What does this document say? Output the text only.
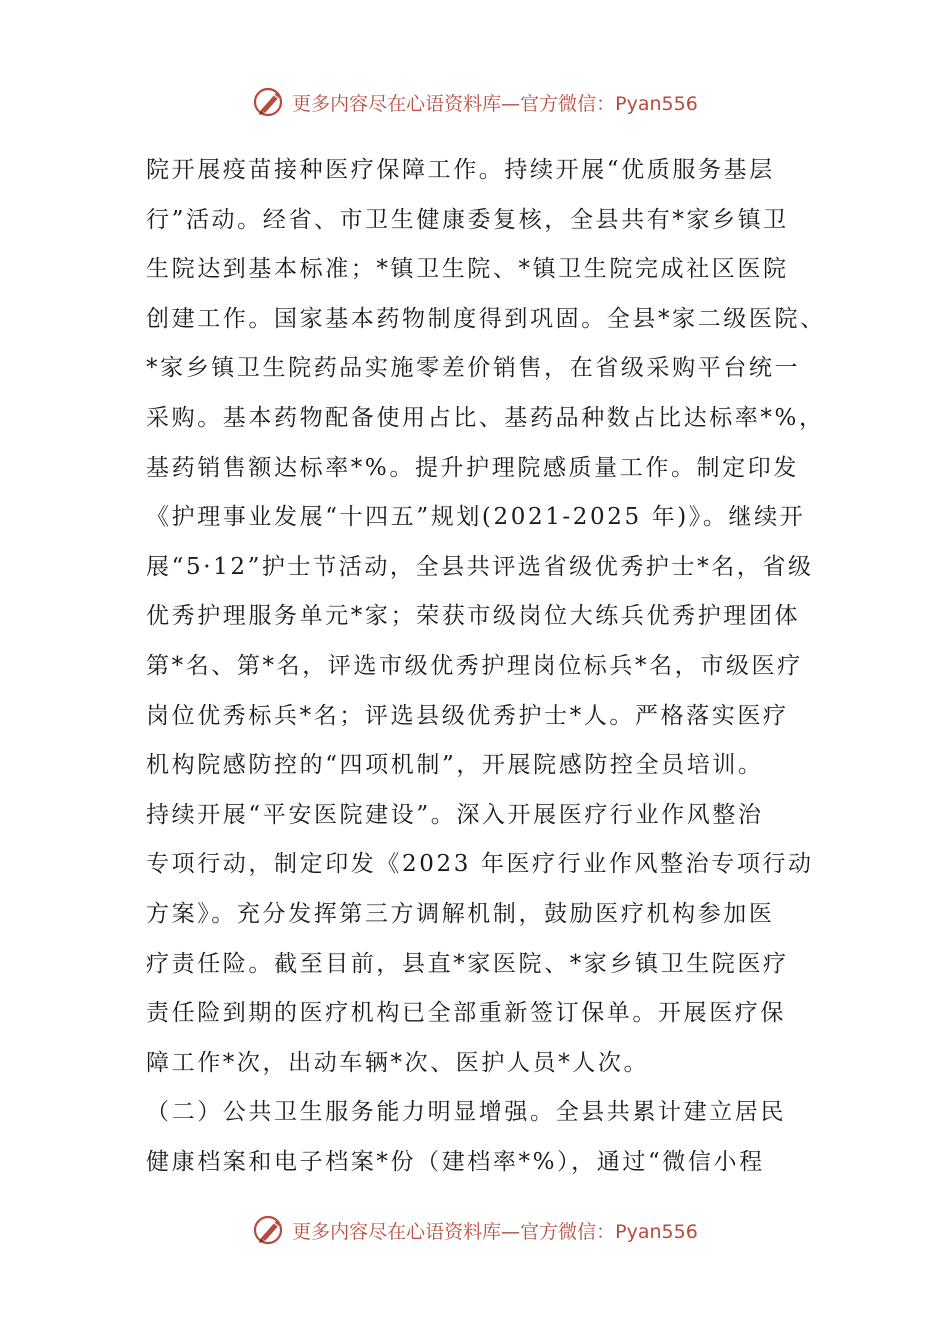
更多内容尽在心语资料库 —官方微信：Pyan556
院开展疫苗接种医疗保障工作。持续开展“优质服务基层
行”活动。经省、市卫生健康委复核，全县共有*家乡镇卫
生院达到基本标准；*镇卫生院、*镇卫生院完成社区医院
创建工作。国家基本药物制度得到巩固。全县*家二级医院、
*家乡镇卫生院药品实施零差价销售，在省级采购平台统一
采购。基本药物配备使用占比、基药品种数占比达标率*%，
基药销售额达标率*%。提升护理院感质量工作。制定印发
《护理事业发展“十四五”规划(2021-2025 年)》。继续开
展“5·12”护士节活动，全县共评选省级优秀护士*名，省级
优秀护理服务单元*家；荣获市级岗位大练兵优秀护理团体
第*名、第*名，评选市级优秀护理岗位标兵*名，市级医疗
岗位优秀标兵*名；评选县级优秀护士*人。严格落实医疗
机构院感防控的“四项机制”，开展院感防控全员培训。
持续开展“平安医院建设”。深入开展医疗行业作风整治
专项行动，制定印发《2023 年医疗行业作风整治专项行动
方案》。充分发挥第三方调解机制，鼓励医疗机构参加医
疗责任险。截至目前，县直*家医院、*家乡镇卫生院医疗
责任险到期的医疗机构已全部重新签订保单。开展医疗保
障工作*次，出动车辆*次、医护人员*人次。
（二）公共卫生服务能力明显增强。全县共累计建立居民
健康档案和电子档案*份（建档率*%），通过“微信小程
更多内容尽在心语资料库 —官方微信：Pyan556
